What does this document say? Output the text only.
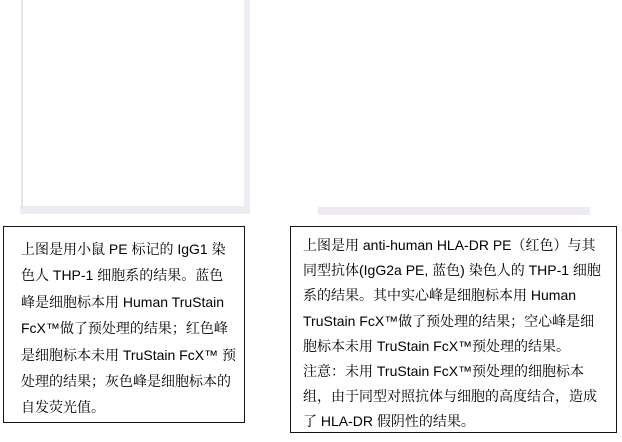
上图是用小鼠 PE 标记的 IgG1 染色人 THP-1 细胞系的结果。蓝色峰是细胞标本用 Human TruStain FcX™做了预处理的结果；红色峰是细胞标本未用 TruStain FcX™ 预处理的结果；灰色峰是细胞标本的自发荧光值。

上图是用 anti-human HLA-DR PE（红色）与其同型抗体(IgG2a PE, 蓝色) 染色人的 THP-1 细胞系的结果。其中实心峰是细胞标本用 Human TruStain FcX™做了预处理的结果；空心峰是细胞标本未用 TruStain FcX™预处理的结果。

注意：未用 TruStain FcX™预处理的细胞标本组，由于同型对照抗体与细胞的高度结合，造成了 HLA-DR 假阴性的结果。
